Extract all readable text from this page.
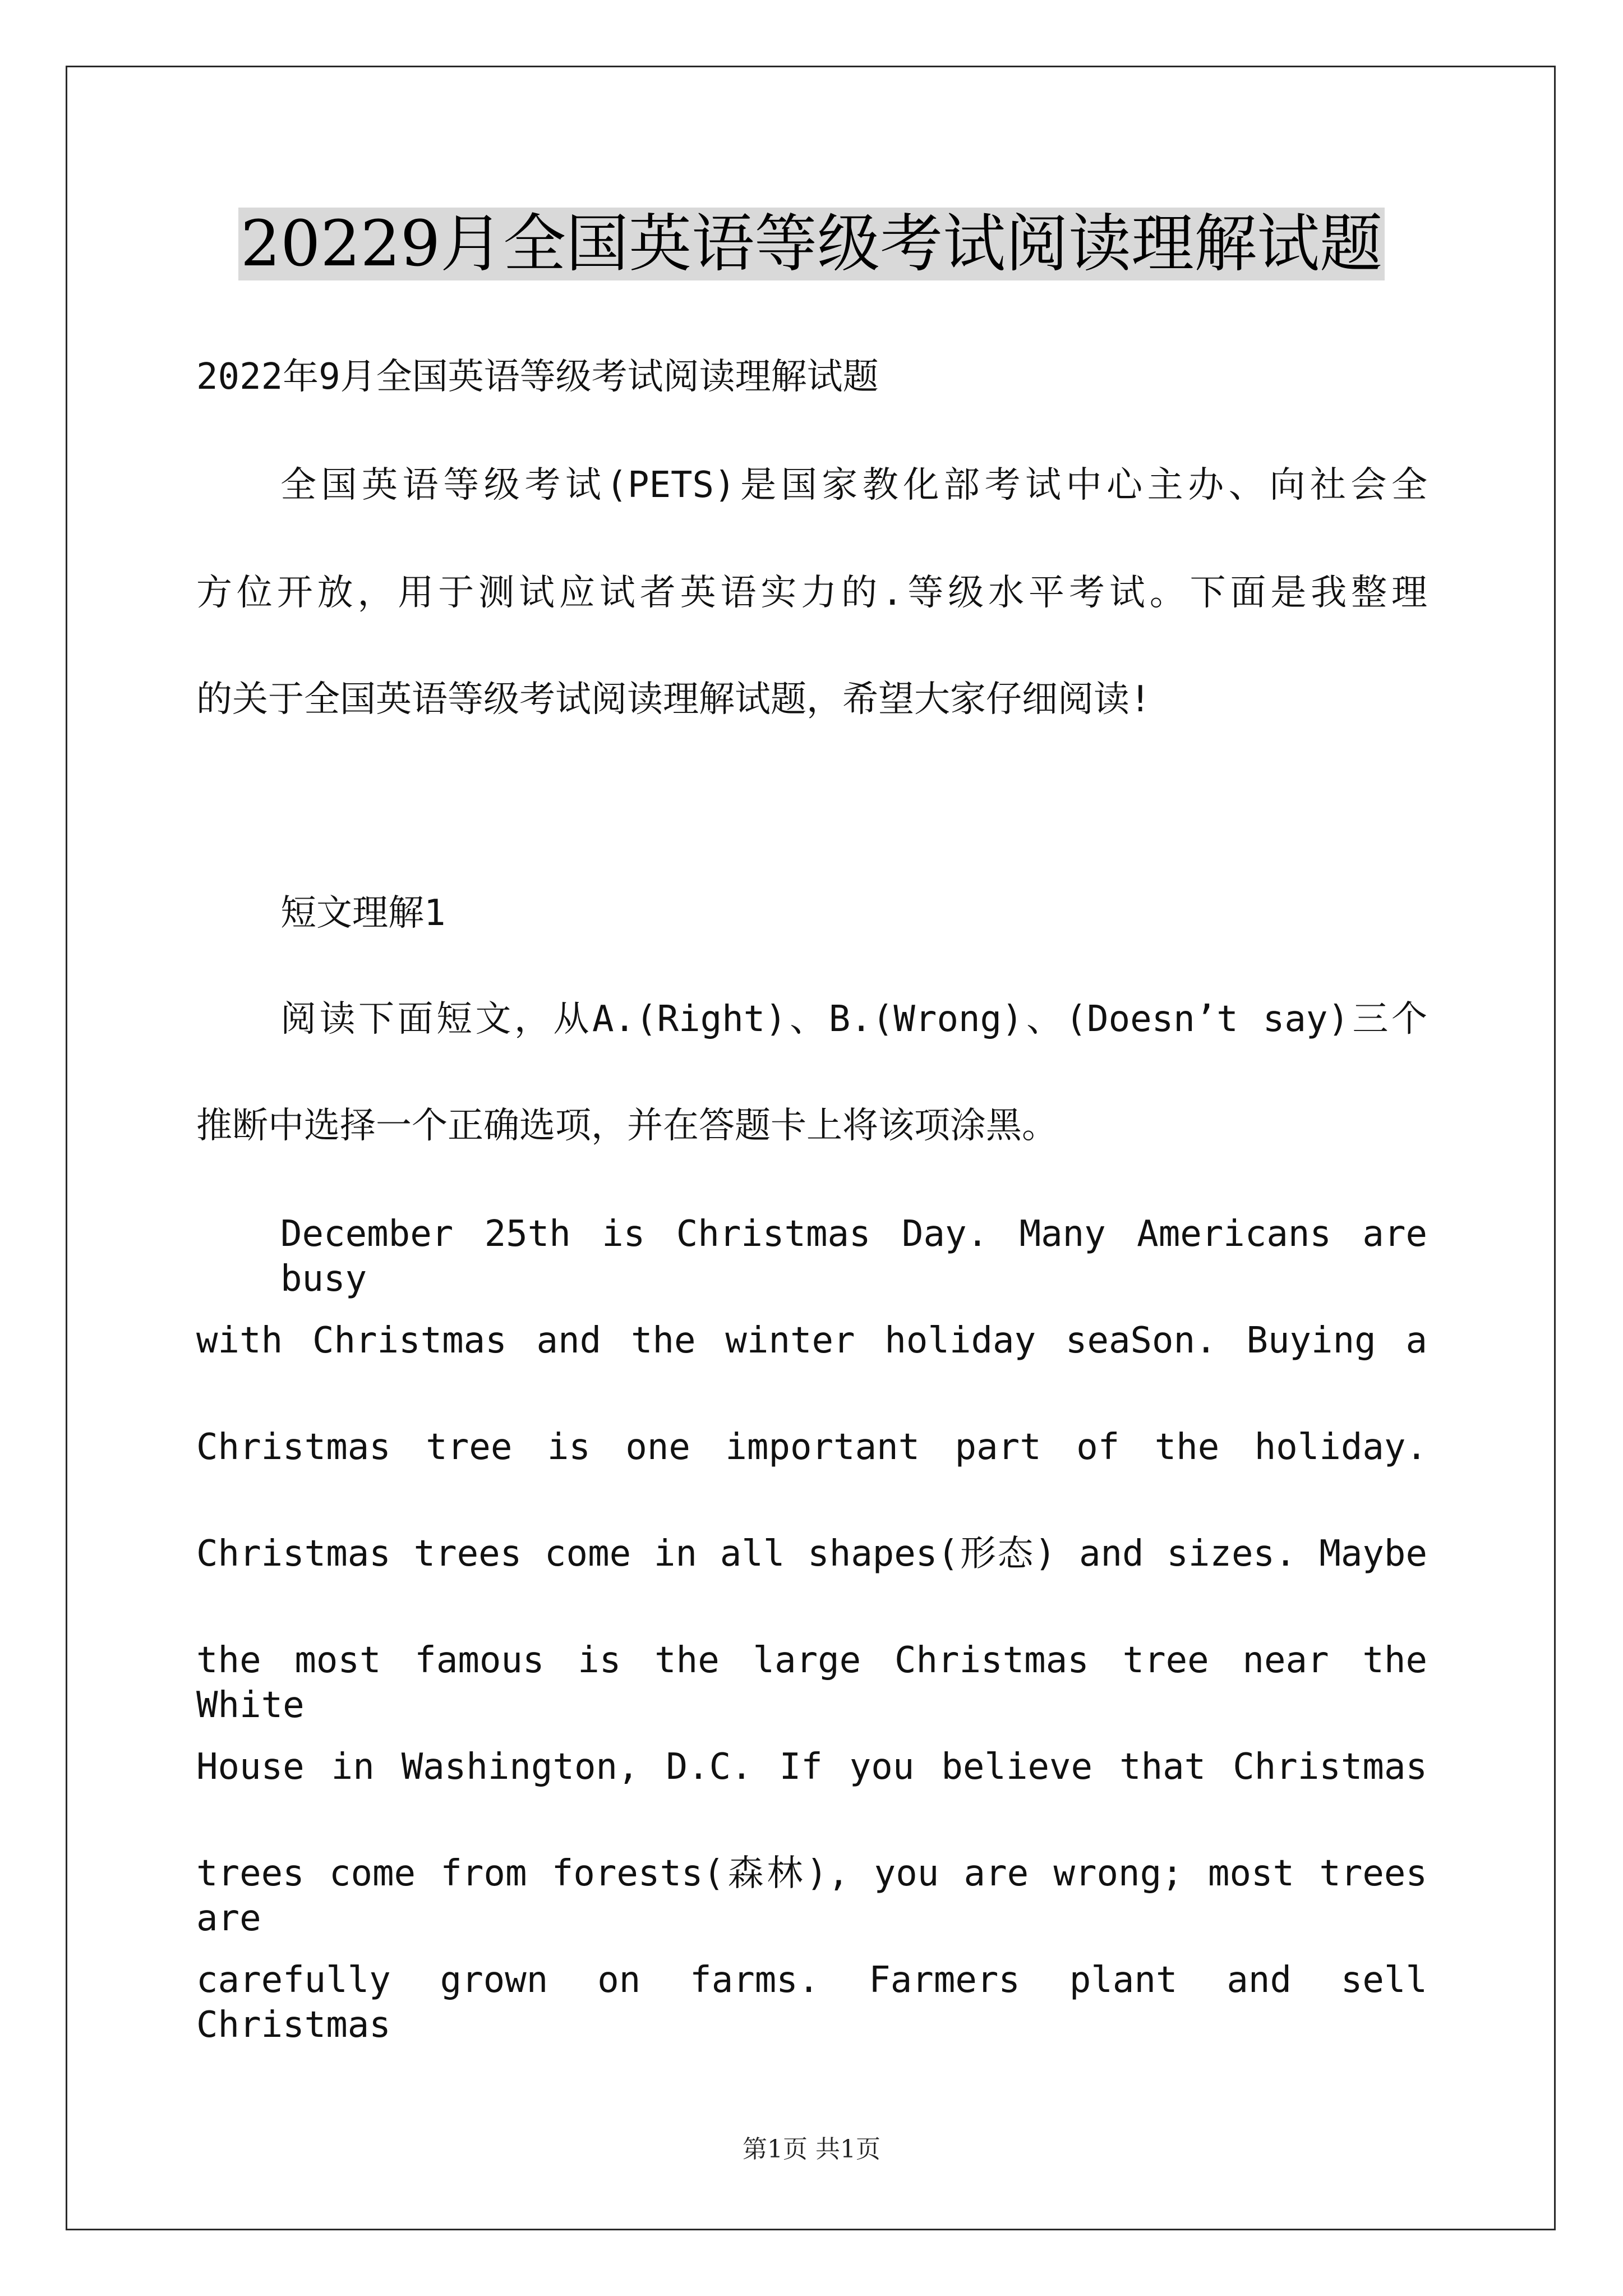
20229月全国英语等级考试阅读理解试题
2022年9月全国英语等级考试阅读理解试题
全国英语等级考试(PETS)是国家教化部考试中心主办、向社会全
方位开放，用于测试应试者英语实力的.等级水平考试。下面是我整理
的关于全国英语等级考试阅读理解试题，希望大家仔细阅读!
短文理解1
阅读下面短文，从A.(Right)、B.(Wrong)、(Doesn’t say)三个
推断中选择一个正确选项，并在答题卡上将该项涂黑。
December 25th is Christmas Day. Many Americans are busy
with Christmas and the winter holiday seaSon. Buying a
Christmas tree is one important part of the holiday.
Christmas trees come in all shapes(形态) and sizes. Maybe
the most famous is the large Christmas tree near the White
House in Washington, D.C. If you believe that Christmas
trees come from forests(森林), you are wrong; most trees are
carefully grown on farms. Farmers plant and sell Christmas
第1页 共1页
